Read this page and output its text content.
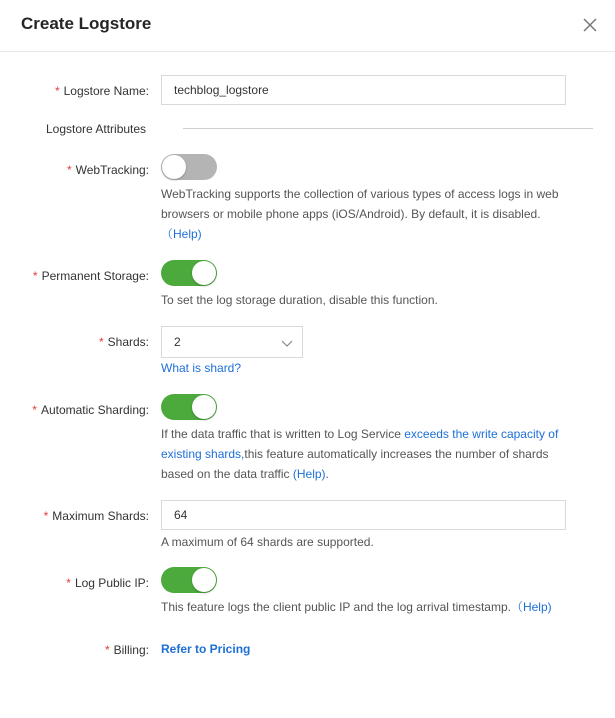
Create Logstore
* Logstore Name:
techblog_logstore
Logstore Attributes
* WebTracking:
WebTracking supports the collection of various types of access logs in web browsers or mobile phone apps (iOS/Android). By default, it is disabled.
（Help)
* Permanent Storage:
To set the log storage duration, disable this function.
* Shards: 2
What is shard?
* Automatic Sharding:
If the data traffic that is written to Log Service exceeds the write capacity of existing shards,this feature automatically increases the number of shards based on the data traffic (Help).
* Maximum Shards:
64
A maximum of 64 shards are supported.
* Log Public IP:
This feature logs the client public IP and the log arrival timestamp.（Help)
* Billing: Refer to Pricing
